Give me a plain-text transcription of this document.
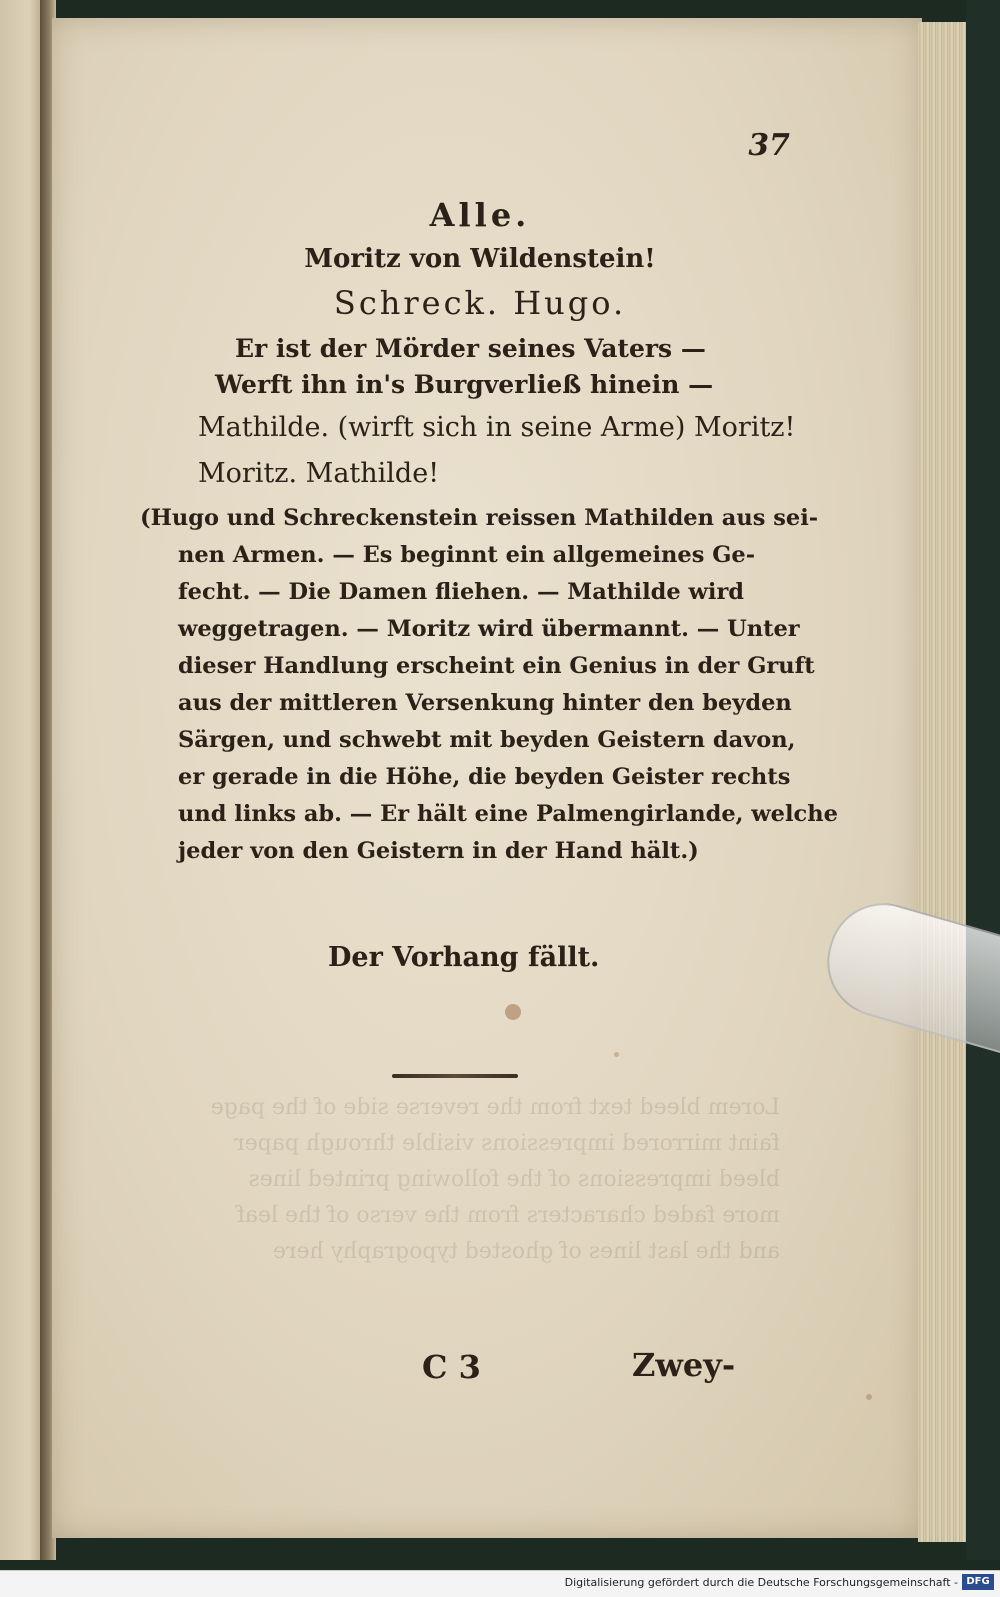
Lorem bleed text from the reverse side of the page
faint mirrored impressions visible through paper
bleed impressions of the following printed lines
more faded characters from the verso of the leaf
and the last lines of ghosted typography here
37
Alle.
Moritz von Wildenstein!
Schreck. Hugo.
Er ist der Mörder seines Vaters —
Werft ihn in's Burgverließ hinein —
Mathilde. (wirft sich in seine Arme) Moritz!
Moritz. Mathilde!
(Hugo und Schreckenstein reissen Mathilden aus sei-
nen Armen. — Es beginnt ein allgemeines Ge-
fecht. — Die Damen fliehen. — Mathilde wird
weggetragen. — Moritz wird übermannt. — Unter
dieser Handlung erscheint ein Genius in der Gruft
aus der mittleren Versenkung hinter den beyden
Särgen, und schwebt mit beyden Geistern davon,
er gerade in die Höhe, die beyden Geister rechts
und links ab. — Er hält eine Palmengirlande, welche
jeder von den Geistern in der Hand hält.)
Der Vorhang fällt.
C 3	Zwey-
Digitalisierung gefördert durch die Deutsche Forschungsgemeinschaft - DFG
